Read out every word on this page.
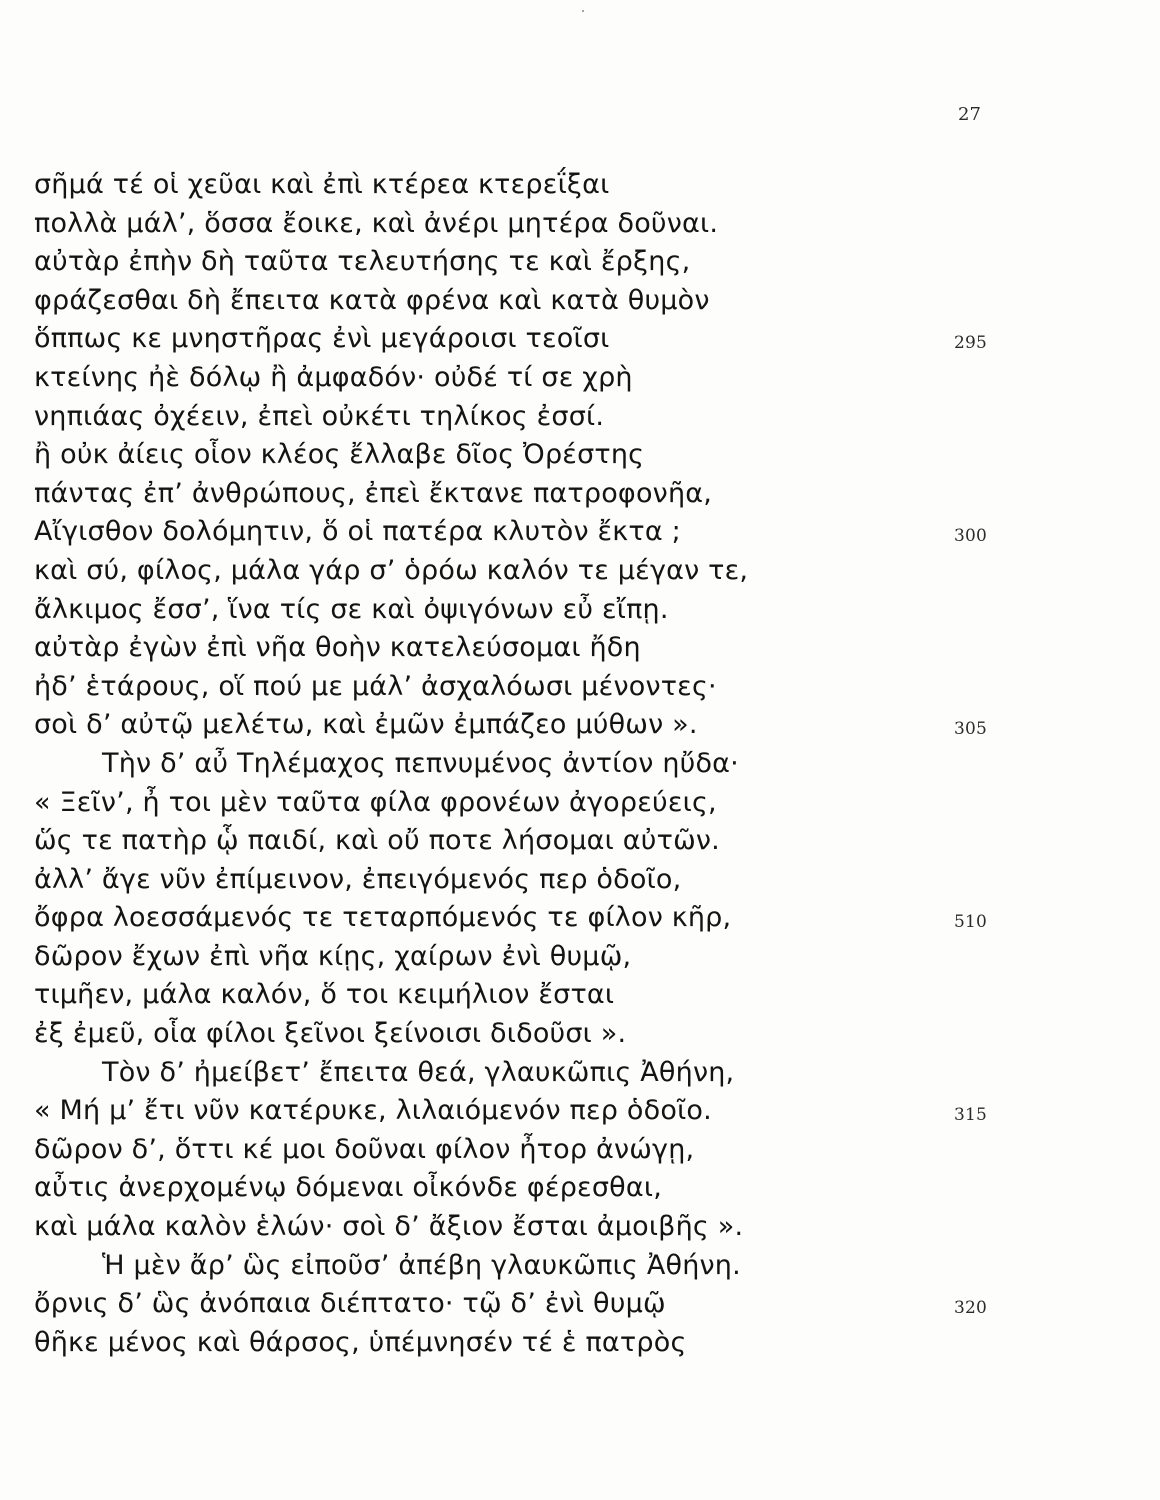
27
σῆμά τέ οἱ χεῦαι καὶ ἐπὶ κτέρεα κτερεΐξαι
πολλὰ μάλ’, ὅσσα ἔοικε, καὶ ἀνέρι μητέρα δοῦναι.
αὐτὰρ ἐπὴν δὴ ταῦτα τελευτήσης τε καὶ ἔρξης,
φράζεσθαι δὴ ἔπειτα κατὰ φρένα καὶ κατὰ θυμὸν
ὅππως κε μνηστῆρας ἐνὶ μεγάροισι τεοῖσι	295
κτείνης ἠὲ δόλῳ ἢ ἀμφαδόν· οὐδέ τί σε χρὴ
νηπιάας ὀχέειν, ἐπεὶ οὐκέτι τηλίκος ἐσσί.
ἢ οὐκ ἀίεις οἷον κλέος ἔλλαβε δῖος Ὀρέστης
πάντας ἐπ’ ἀνθρώπους, ἐπεὶ ἔκτανε πατροφονῆα,
Αἴγισθον δολόμητιν, ὅ οἱ πατέρα κλυτὸν ἔκτα ;	300
καὶ σύ, φίλος, μάλα γάρ σ’ ὁρόω καλόν τε μέγαν τε,
ἄλκιμος ἔσσ’, ἵνα τίς σε καὶ ὀψιγόνων εὖ εἴπῃ.
αὐτὰρ ἐγὼν ἐπὶ νῆα θοὴν κατελεύσομαι ἤδη
ἠδ’ ἑτάρους, οἵ πού με μάλ’ ἀσχαλόωσι μένοντες·
σοὶ δ’ αὐτῷ μελέτω, καὶ ἐμῶν ἐμπάζεο μύθων ».	305
Τὴν δ’ αὖ Τηλέμαχος πεπνυμένος ἀντίον ηὔδα·
« Ξεῖν’, ἦ τοι μὲν ταῦτα φίλα φρονέων ἀγορεύεις,
ὥς τε πατὴρ ᾧ παιδί, καὶ οὔ ποτε λήσομαι αὐτῶν.
ἀλλ’ ἄγε νῦν ἐπίμεινον, ἐπειγόμενός περ ὁδοῖο,
ὄφρα λοεσσάμενός τε τεταρπόμενός τε φίλον κῆρ,	510
δῶρον ἔχων ἐπὶ νῆα κίῃς, χαίρων ἐνὶ θυμῷ,
τιμῆεν, μάλα καλόν, ὅ τοι κειμήλιον ἔσται
ἐξ ἐμεῦ, οἷα φίλοι ξεῖνοι ξείνοισι διδοῦσι ».
Τὸν δ’ ἠμείβετ’ ἔπειτα θεά, γλαυκῶπις Ἀθήνη,
« Μή μ’ ἔτι νῦν κατέρυκε, λιλαιόμενόν περ ὁδοῖο.	315
δῶρον δ’, ὅττι κέ μοι δοῦναι φίλον ἦτορ ἀνώγῃ,
αὖτις ἀνερχομένῳ δόμεναι οἶκόνδε φέρεσθαι,
καὶ μάλα καλὸν ἑλών· σοὶ δ’ ἄξιον ἔσται ἀμοιβῆς ».
Ἡ μὲν ἄρ’ ὣς εἰποῦσ’ ἀπέβη γλαυκῶπις Ἀθήνη.
ὄρνις δ’ ὣς ἀνόπαια διέπτατο· τῷ δ’ ἐνὶ θυμῷ	320
θῆκε μένος καὶ θάρσος, ὑπέμνησέν τέ ἑ πατρὸς
